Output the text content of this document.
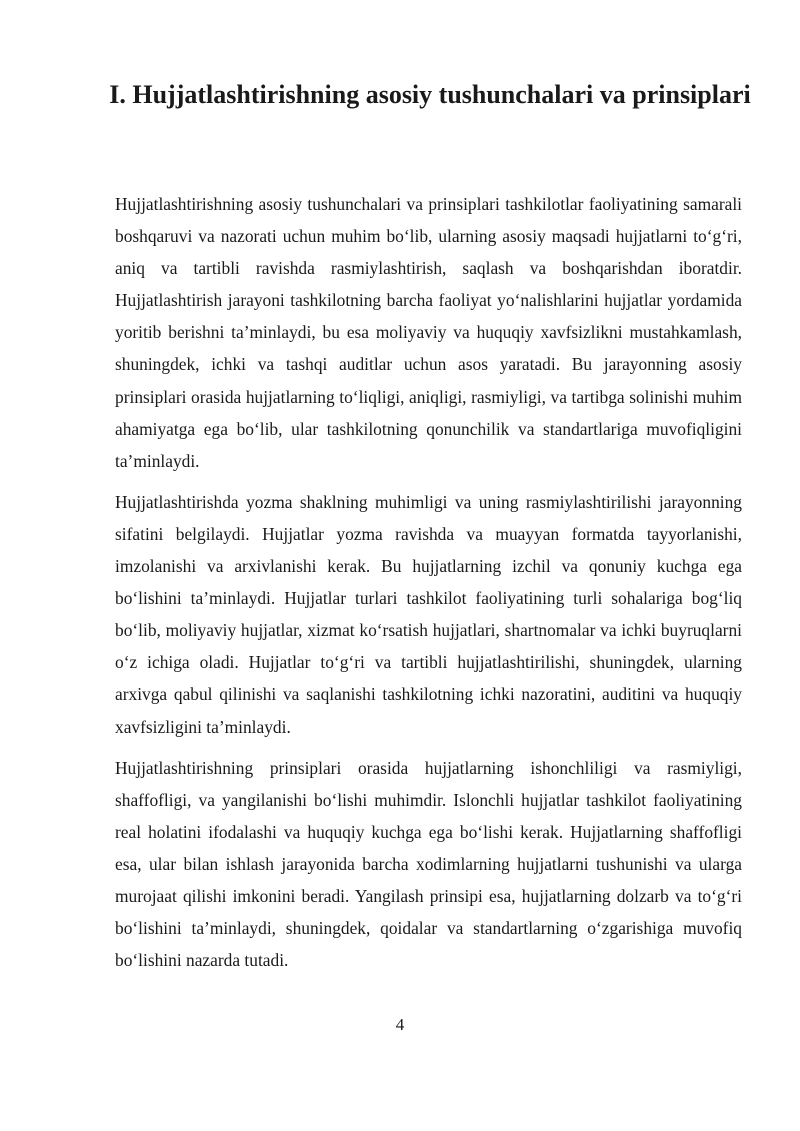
I. Hujjatlashtirishning asosiy tushunchalari va prinsiplari

Hujjatlashtirishning asosiy tushunchalari va prinsiplari tashkilotlar faoliyatining samarali boshqaruvi va nazorati uchun muhim bo‘lib, ularning asosiy maqsadi hujjatlarni to‘g‘ri, aniq va tartibli ravishda rasmiylashtirish, saqlash va boshqarishdan iboratdir. Hujjatlashtirish jarayoni tashkilotning barcha faoliyat yo‘nalishlarini hujjatlar yordamida yoritib berishni ta’minlaydi, bu esa moliyaviy va huquqiy xavfsizlikni mustahkamlash, shuningdek, ichki va tashqi auditlar uchun asos yaratadi. Bu jarayonning asosiy prinsiplari orasida hujjatlarning to‘liqligi, aniqligi, rasmiyligi, va tartibga solinishi muhim ahamiyatga ega bo‘lib, ular tashkilotning qonunchilik va standartlariga muvofiqligini ta’minlaydi.

Hujjatlashtirishda yozma shaklning muhimligi va uning rasmiylashtirilishi jarayonning sifatini belgilaydi. Hujjatlar yozma ravishda va muayyan formatda tayyorlanishi, imzolanishi va arxivlanishi kerak. Bu hujjatlarning izchil va qonuniy kuchga ega bo‘lishini ta’minlaydi. Hujjatlar turlari tashkilot faoliyatining turli sohalariga bog‘liq bo‘lib, moliyaviy hujjatlar, xizmat ko‘rsatish hujjatlari, shartnomalar va ichki buyruqlarni o‘z ichiga oladi. Hujjatlar to‘g‘ri va tartibli hujjatlashtirilishi, shuningdek, ularning arxivga qabul qilinishi va saqlanishi tashkilotning ichki nazoratini, auditini va huquqiy xavfsizligini ta’minlaydi.

Hujjatlashtirishning prinsiplari orasida hujjatlarning ishonchliligi va rasmiyligi, shaffofligi, va yangilanishi bo‘lishi muhimdir. Islonchli hujjatlar tashkilot faoliyatining real holatini ifodalashi va huquqiy kuchga ega bo‘lishi kerak. Hujjatlarning shaffofligi esa, ular bilan ishlash jarayonida barcha xodimlarning hujjatlarni tushunishi va ularga murojaat qilishi imkonini beradi. Yangilash prinsipi esa, hujjatlarning dolzarb va to‘g‘ri bo‘lishini ta’minlaydi, shuningdek, qoidalar va standartlarning o‘zgarishiga muvofiq bo‘lishini nazarda tutadi.

4
